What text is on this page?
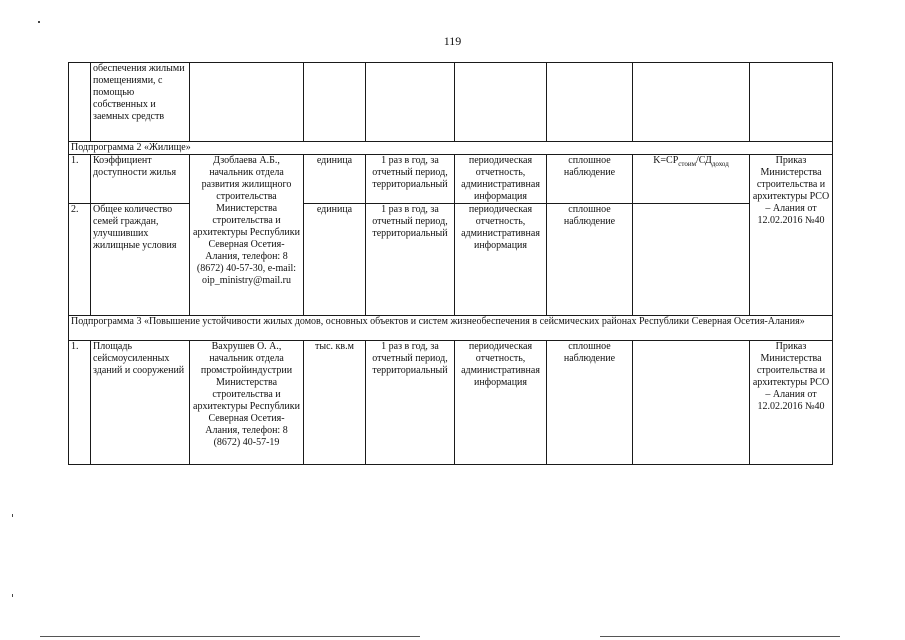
119
	обеспечения жилыми помещениями, с помощью собственных и заемных средств							
Подпрограмма 2 «Жилище»								
1.	Коэффициент доступности жилья	Дзоблаева А.Б., начальник отдела развития жилищного строительства Министерства строительства и архитектуры Республики Северная Осетия-Алания, телефон: 8 (8672) 40-57-30, e-mail: oip_ministry@mail.ru	единица	1 раз в год, за отчетный период, территориальный	периодическая отчетность, административная информация	сплошное наблюдение	$K=СР_{стоим}/СД_{доход}$	Приказ Министерства строительства и архитектуры РСО – Алания от 12.02.2016 №40
2.	Общее количество семей граждан, улучшивших жилищные условия		единица	1 раз в год, за отчетный период, территориальный	периодическая отчетность, административная информация	сплошное наблюдение		
Подпрограмма 3 «Повышение устойчивости жилых домов, основных объектов и систем жизнеобеспечения в сейсмических районах Республики Северная Осетия-Алания»								
1.	Площадь сейсмоусиленных зданий и сооружений	Вахрушев О. А., начальник отдела промстройиндустрии Министерства строительства и архитектуры Республики Северная Осетия-Алания, телефон: 8 (8672) 40-57-19	тыс. кв.м	1 раз в год, за отчетный период, территориальный	периодическая отчетность, административная информация	сплошное наблюдение		Приказ Министерства строительства и архитектуры РСО – Алания от 12.02.2016 №40
